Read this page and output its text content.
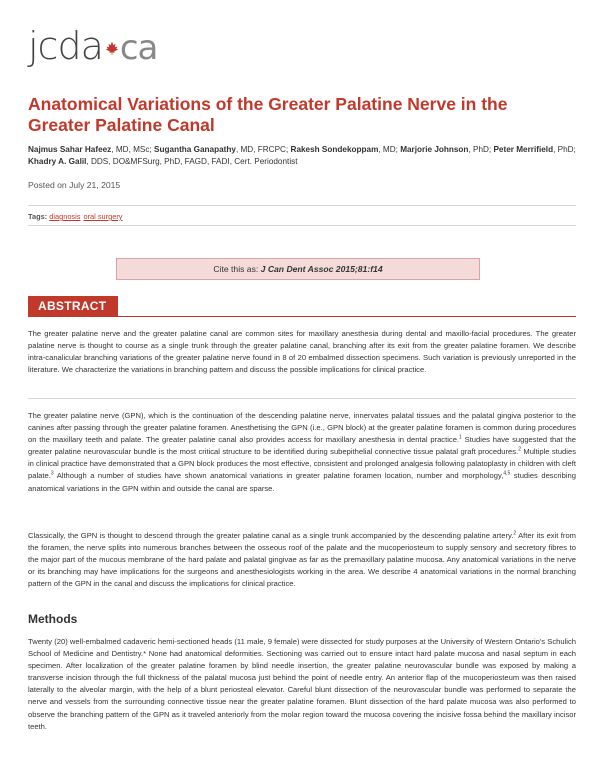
jcda ca
Anatomical Variations of the Greater Palatine Nerve in the Greater Palatine Canal

Najmus Sahar Hafeez, MD, MSc; Sugantha Ganapathy, MD, FRCPC; Rakesh Sondekoppam, MD; Marjorie Johnson, PhD; Peter Merrifield, PhD; Khadry A. Galil, DDS, DO&MFSurg, PhD, FAGD, FADI, Cert. Periodontist

Posted on July 21, 2015
Tags: diagnosis oral surgery
Cite this as: J Can Dent Assoc 2015;81:f14
ABSTRACT

The greater palatine nerve and the greater palatine canal are common sites for maxillary anesthesia during dental and maxillo-facial procedures. The greater palatine nerve is thought to course as a single trunk through the greater palatine canal, branching after its exit from the greater palatine foramen. We describe intra-canalicular branching variations of the greater palatine nerve found in 8 of 20 embalmed dissection specimens. Such variation is previously unreported in the literature. We characterize the variations in branching pattern and discuss the possible implications for clinical practice.

The greater palatine nerve (GPN), which is the continuation of the descending palatine nerve, innervates palatal tissues and the palatal gingiva posterior to the canines after passing through the greater palatine foramen. Anesthetising the GPN (i.e., GPN block) at the greater palatine foramen is common during procedures on the maxillary teeth and palate. The greater palatine canal also provides access for maxillary anesthesia in dental practice.$^1$ Studies have suggested that the greater palatine neurovascular bundle is the most critical structure to be identified during subepithelial connective tissue palatal graft procedures.$^2$ Multiple studies in clinical practice have demonstrated that a GPN block produces the most effective, consistent and prolonged analgesia following palatoplasty in children with cleft palate.$^3$ Although a number of studies have shown anatomical variations in greater palatine foramen location, number and morphology,$^{4,5}$ studies describing anatomical variations in the GPN within and outside the canal are sparse.

Classically, the GPN is thought to descend through the greater palatine canal as a single trunk accompanied by the descending palatine artery.$^2$ After its exit from the foramen, the nerve splits into numerous branches between the osseous roof of the palate and the mucoperiosteum to supply sensory and secretory fibres to the major part of the mucous membrane of the hard palate and palatal gingivae as far as the premaxillary palatine mucosa. Any anatomical variations in the nerve or its branching may have implications for the surgeons and anesthesiologists working in the area. We describe 4 anatomical variations in the normal branching pattern of the GPN in the canal and discuss the implications for clinical practice.

Methods

Twenty (20) well-embalmed cadaveric hemi-sectioned heads (11 male, 9 female) were dissected for study purposes at the University of Western Ontario's Schulich School of Medicine and Dentistry.* None had anatomical deformities. Sectioning was carried out to ensure intact hard palate mucosa and nasal septum in each specimen. After localization of the greater palatine foramen by blind needle insertion, the greater palatine neurovascular bundle was exposed by making a transverse incision through the full thickness of the palatal mucosa just behind the point of needle entry. An anterior flap of the mucoperiosteum was then raised laterally to the alveolar margin, with the help of a blunt periosteal elevator. Careful blunt dissection of the neurovascular bundle was performed to separate the nerve and vessels from the surrounding connective tissue near the greater palatine foramen. Blunt dissection of the hard palate mucosa was also performed to observe the branching pattern of the GPN as it traveled anteriorly from the molar region toward the mucosa covering the incisive fossa behind the maxillary incisor teeth.
